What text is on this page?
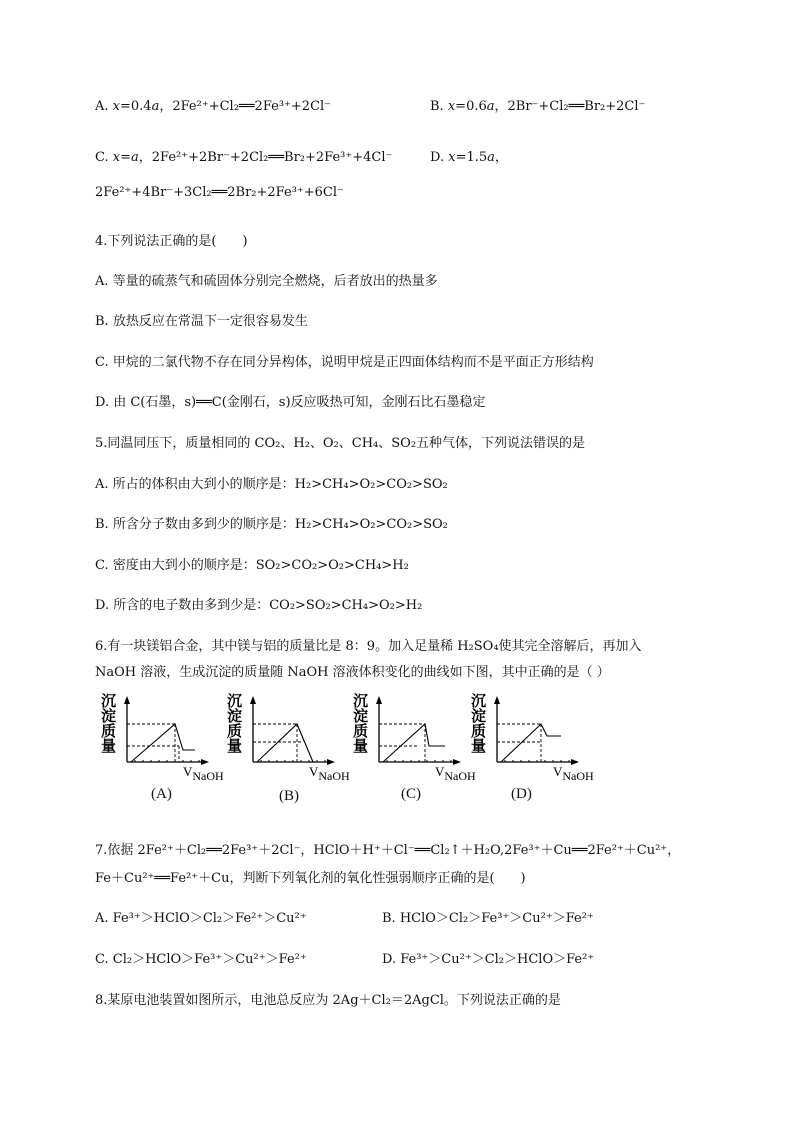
A. x=0.4a，2Fe²⁺+Cl₂══2Fe³⁺+2Cl⁻	B. x=0.6a，2Br⁻+Cl₂══Br₂+2Cl⁻
C. x=a，2Fe²⁺+2Br⁻+2Cl₂══Br₂+2Fe³⁺+4Cl⁻	D. x=1.5a，
2Fe²⁺+4Br⁻+3Cl₂══2Br₂+2Fe³⁺+6Cl⁻
4.下列说法正确的是(　　)
A. 等量的硫蒸气和硫固体分别完全燃烧，后者放出的热量多
B. 放热反应在常温下一定很容易发生
C. 甲烷的二氯代物不存在同分异构体，说明甲烷是正四面体结构而不是平面正方形结构
D. 由 C(石墨，s)══C(金刚石，s)反应吸热可知，金刚石比石墨稳定
5.同温同压下，质量相同的 CO₂、H₂、O₂、CH₄、SO₂五种气体，下列说法错误的是
A. 所占的体积由大到小的顺序是：H₂>CH₄>O₂>CO₂>SO₂
B. 所含分子数由多到少的顺序是：H₂>CH₄>O₂>CO₂>SO₂
C. 密度由大到小的顺序是：SO₂>CO₂>O₂>CH₄>H₂
D. 所含的电子数由多到少是：CO₂>SO₂>CH₄>O₂>H₂
6.有一块镁铝合金，其中镁与铝的质量比是 8：9。加入足量稀 H₂SO₄使其完全溶解后，再加入
NaOH 溶液，生成沉淀的质量随 NaOH 溶液体积变化的曲线如下图，其中正确的是（ ）
沉
淀
质
量
VNaOH
沉
淀
质
量
VNaOH
沉
淀
质
量
VNaOH
沉
淀
质
量
VNaOH
(A)	(B)	(C)	(D)
7.依据 2Fe²⁺＋Cl₂══2Fe³⁺＋2Cl⁻，HClO＋H⁺＋Cl⁻══Cl₂↑＋H₂O,2Fe³⁺＋Cu══2Fe²⁺＋Cu²⁺，
Fe＋Cu²⁺══Fe²⁺＋Cu，判断下列氧化剂的氧化性强弱顺序正确的是(　　)
A. Fe³⁺＞HClO＞Cl₂＞Fe²⁺＞Cu²⁺	B. HClO＞Cl₂＞Fe³⁺＞Cu²⁺＞Fe²⁺
C. Cl₂＞HClO＞Fe³⁺＞Cu²⁺＞Fe²⁺	D. Fe³⁺＞Cu²⁺＞Cl₂＞HClO＞Fe²⁺
8.某原电池装置如图所示，电池总反应为 2Ag＋Cl₂＝2AgCl。下列说法正确的是
